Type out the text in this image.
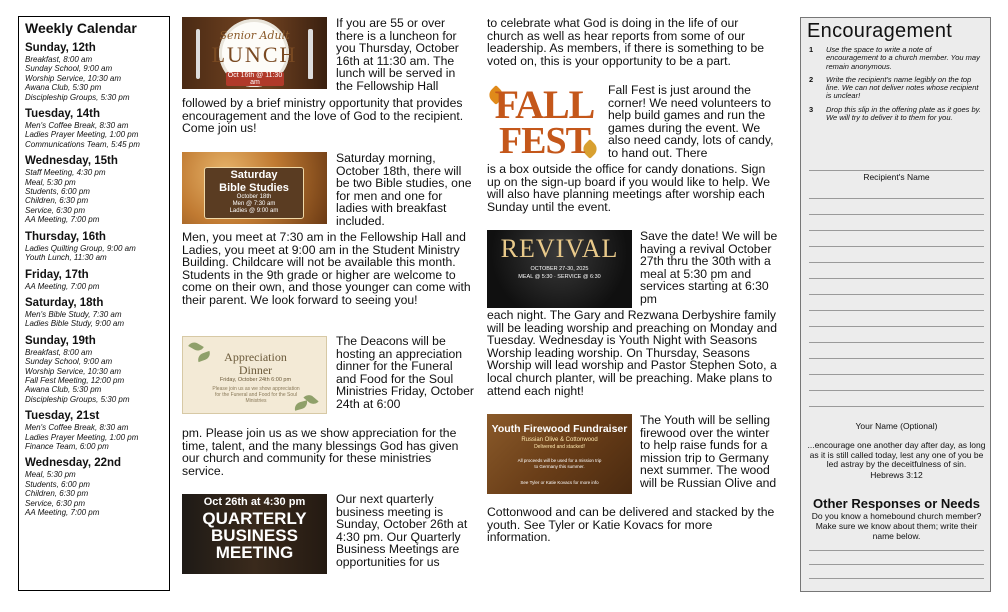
Weekly Calendar
Sunday, 12th
Breakfast, 8:00 am
Sunday School, 9:00 am
Worship Service, 10:30 am
Awana Club, 5:30 pm
Discipleship Groups, 5:30 pm
Tuesday, 14th
Men's Coffee Break, 8:30 am
Ladies Prayer Meeting, 1:00 pm
Communications Team, 5:45 pm
Wednesday, 15th
Staff Meeting, 4:30 pm
Meal, 5:30 pm
Students, 6:00 pm
Children, 6:30 pm
Service, 6:30 pm
AA Meeting, 7:00 pm
Thursday, 16th
Ladies Quilting Group, 9:00 am
Youth Lunch, 11:30 am
Friday, 17th
AA Meeting, 7:00 pm
Saturday, 18th
Men's Bible Study, 7:30 am
Ladies Bible Study, 9:00 am
Sunday, 19th
Breakfast, 8:00 am
Sunday School, 9:00 am
Worship Service, 10:30 am
Fall Fest Meeting, 12:00 pm
Awana Club, 5:30 pm
Discipleship Groups, 5:30 pm
Tuesday, 21st
Men's Coffee Break, 8:30 am
Ladies Prayer Meeting, 1:00 pm
Finance Team, 6:00 pm
Wednesday, 22nd
Meal, 5:30 pm
Students, 6:00 pm
Children, 6:30 pm
Service, 6:30 pm
AA Meeting, 7:00 pm
Senior Adult
LUNCH
Oct 16th @ 11:30 am

If you are 55 or over there is a luncheon for you Thursday, October 16th at 11:30 am. The lunch will be served in the Fellowship Hall

followed by a brief ministry opportunity that provides encouragement and the love of God to the recipient. Come join us!

Saturday
Bible Studies
October 18th
Men @ 7:30 am
Ladies @ 9:00 am

Saturday morning, October 18th, there will be two Bible studies, one for men and one for ladies with breakfast included.

Men, you meet at 7:30 am in the Fellowship Hall and Ladies, you meet at 9:00 am in the Student Ministry Building. Childcare will not be available this month. Students in the 9th grade or higher are welcome to come on their own, and those younger can come with their parent. We look forward to seeing you!

Appreciation
Dinner
Friday, October 24th 6:00 pm
Please join us as we show appreciation for the Funeral and Food for the Soul Ministries

The Deacons will be hosting an appreciation dinner for the Funeral and Food for the Soul Ministries Friday, October 24th at 6:00

pm. Please join us as we show appreciation for the time, talent, and the many blessings God has given our church and community for these ministries service.

Oct 26th at 4:30 pm
QUARTERLY
BUSINESS
MEETING

Our next quarterly business meeting is Sunday, October 26th at 4:30 pm. Our Quarterly Business Meetings are opportunities for us

to celebrate what God is doing in the life of our church as well as hear reports from some of our leadership. As members, if there is something to be voted on, this is your opportunity to be a part.

FALL
FEST

Fall Fest is just around the corner! We need volunteers to help build games and run the games during the event. We also need candy, lots of candy, to hand out. There

is a box outside the office for candy donations. Sign up on the sign-up board if you would like to help. We will also have planning meetings after worship each Sunday until the event.

REVIVAL
OCTOBER 27-30, 2025
MEAL @ 5:30 · SERVICE @ 6:30

Save the date! We will be having a revival October 27th thru the 30th with a meal at 5:30 pm and services starting at 6:30 pm

each night. The Gary and Rezwana Derbyshire family will be leading worship and preaching on Monday and Tuesday. Wednesday is Youth Night with Seasons Worship leading worship. On Thursday, Seasons Worship will lead worship and Pastor Stephen Soto, a local church planter, will be preaching. Make plans to attend each night!

Youth Firewood Fundraiser
Russian Olive & Cottonwood
Delivered and stacked!
All proceeds will be used for a mission trip to Germany this summer.
See Tyler or Katie Kovacs for more info

The Youth will be selling firewood over the winter to help raise funds for a mission trip to Germany next summer. The wood will be Russian Olive and

Cottonwood and can be delivered and stacked by the youth. See Tyler or Katie Kovacs for more information.

Encouragement
1 Use the space to write a note of encouragement to a church member. You may remain anonymous.
2 Write the recipient's name legibly on the top line. We can not deliver notes whose recipient is unclear!
3 Drop this slip in the offering plate as it goes by. We will try to deliver it to them for you.
Recipient's Name
Your Name (Optional)
...encourage one another day after day, as long as it is still called today, lest any one of you be led astray by the deceitfulness of sin.
Hebrews 3:12
Other Responses or Needs
Do you know a homebound church member? Make sure we know about them; write their name below.
